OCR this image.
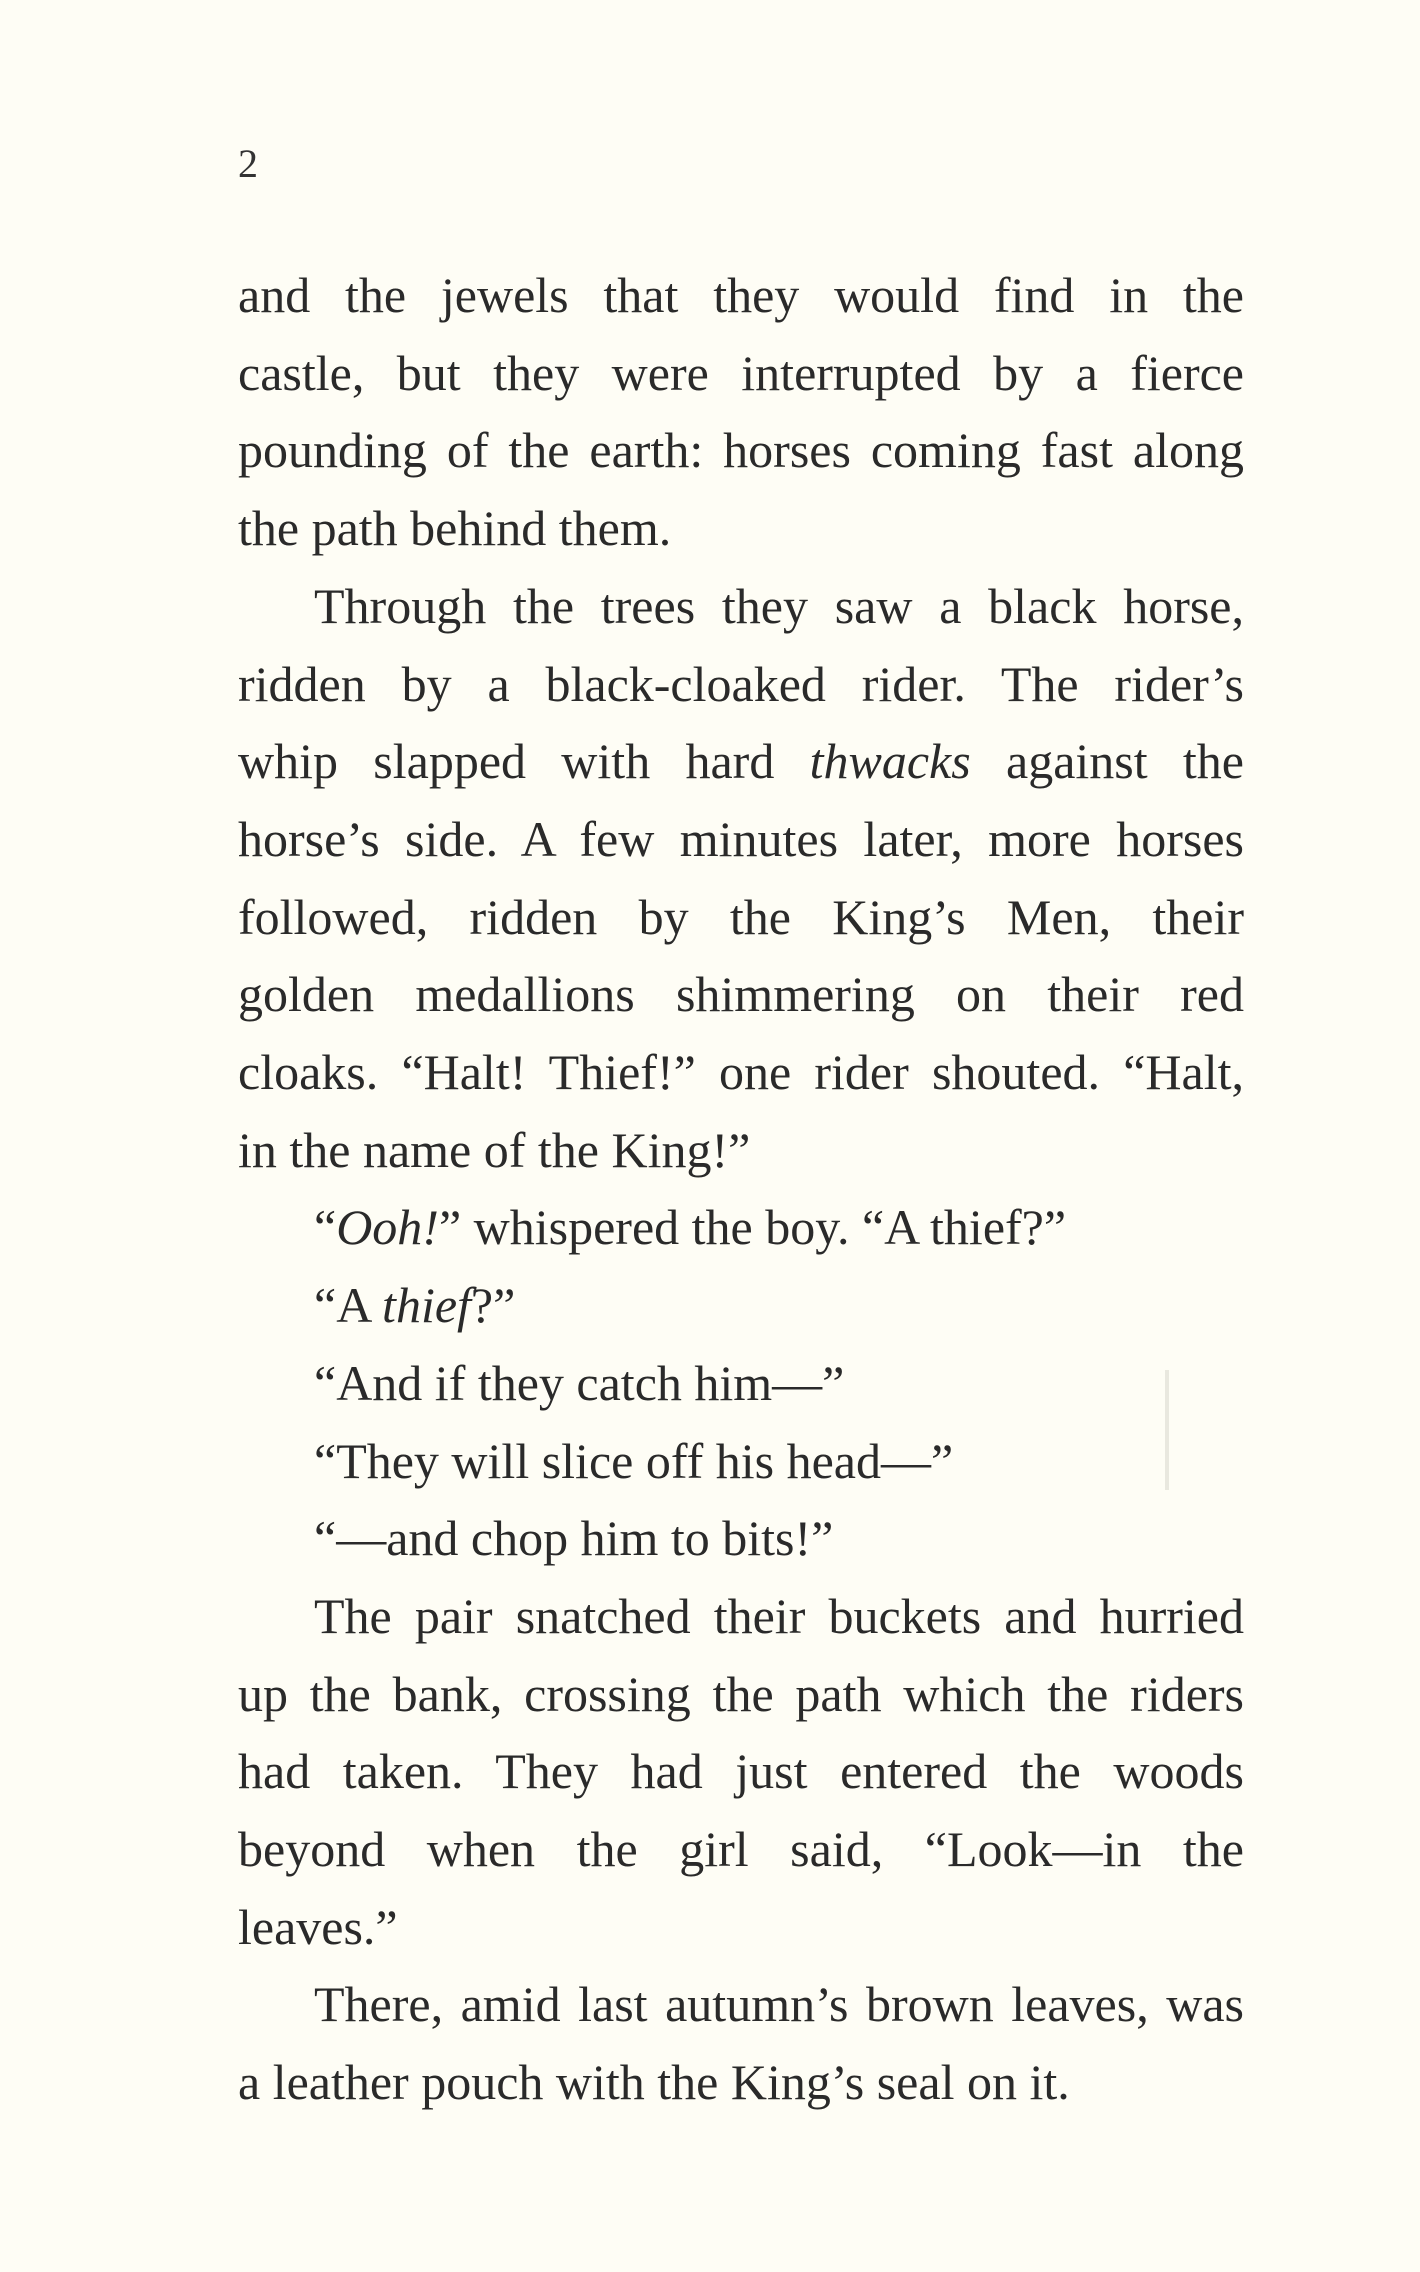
2

and the jewels that they would find in the

castle, but they were interrupted by a fierce

pounding of the earth: horses coming fast along

the path behind them.

Through the trees they saw a black horse,

ridden by a black-cloaked rider. The rider’s

whip slapped with hard thwacks against the

horse’s side. A few minutes later, more horses

followed, ridden by the King’s Men, their

golden medallions shimmering on their red

cloaks. “Halt! Thief!” one rider shouted. “Halt,

in the name of the King!”

“Ooh!” whispered the boy. “A thief?”

“A thief?”

“And if they catch him—”

“They will slice off his head—”

“—and chop him to bits!”

The pair snatched their buckets and hurried

up the bank, crossing the path which the riders

had taken. They had just entered the woods

beyond when the girl said, “Look—in the

leaves.”

There, amid last autumn’s brown leaves, was

a leather pouch with the King’s seal on it.
